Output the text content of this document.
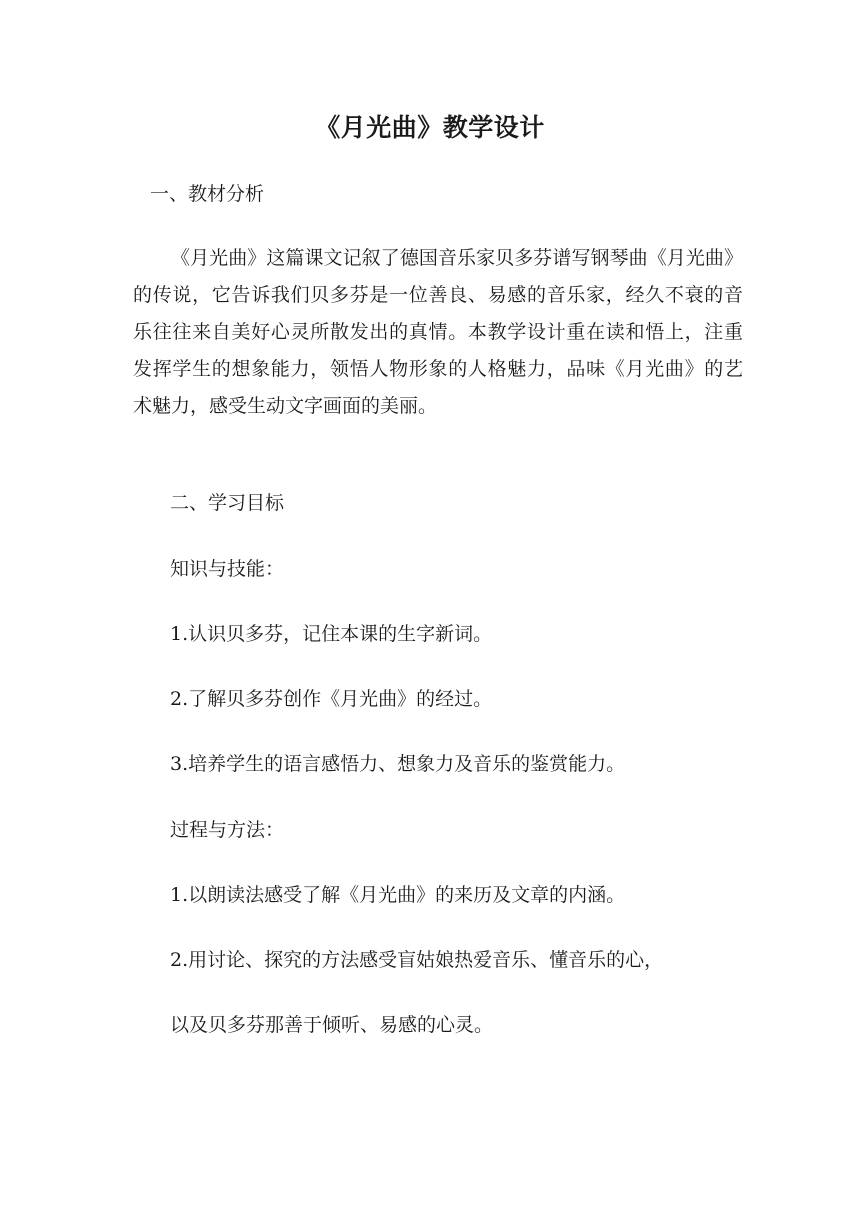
《月光曲》教学设计
一、教材分析
《月光曲》这篇课文记叙了德国音乐家贝多芬谱写钢琴曲《月光曲》
的传说，它告诉我们贝多芬是一位善良、易感的音乐家，经久不衰的音
乐往往来自美好心灵所散发出的真情。本教学设计重在读和悟上，注重
发挥学生的想象能力，领悟人物形象的人格魅力，品味《月光曲》的艺
术魅力，感受生动文字画面的美丽。
二、学习目标
知识与技能：
1.认识贝多芬，记住本课的生字新词。
2.了解贝多芬创作《月光曲》的经过。
3.培养学生的语言感悟力、想象力及音乐的鉴赏能力。
过程与方法：
1.以朗读法感受了解《月光曲》的来历及文章的内涵。
2.用讨论、探究的方法感受盲姑娘热爱音乐、懂音乐的心，
以及贝多芬那善于倾听、易感的心灵。
